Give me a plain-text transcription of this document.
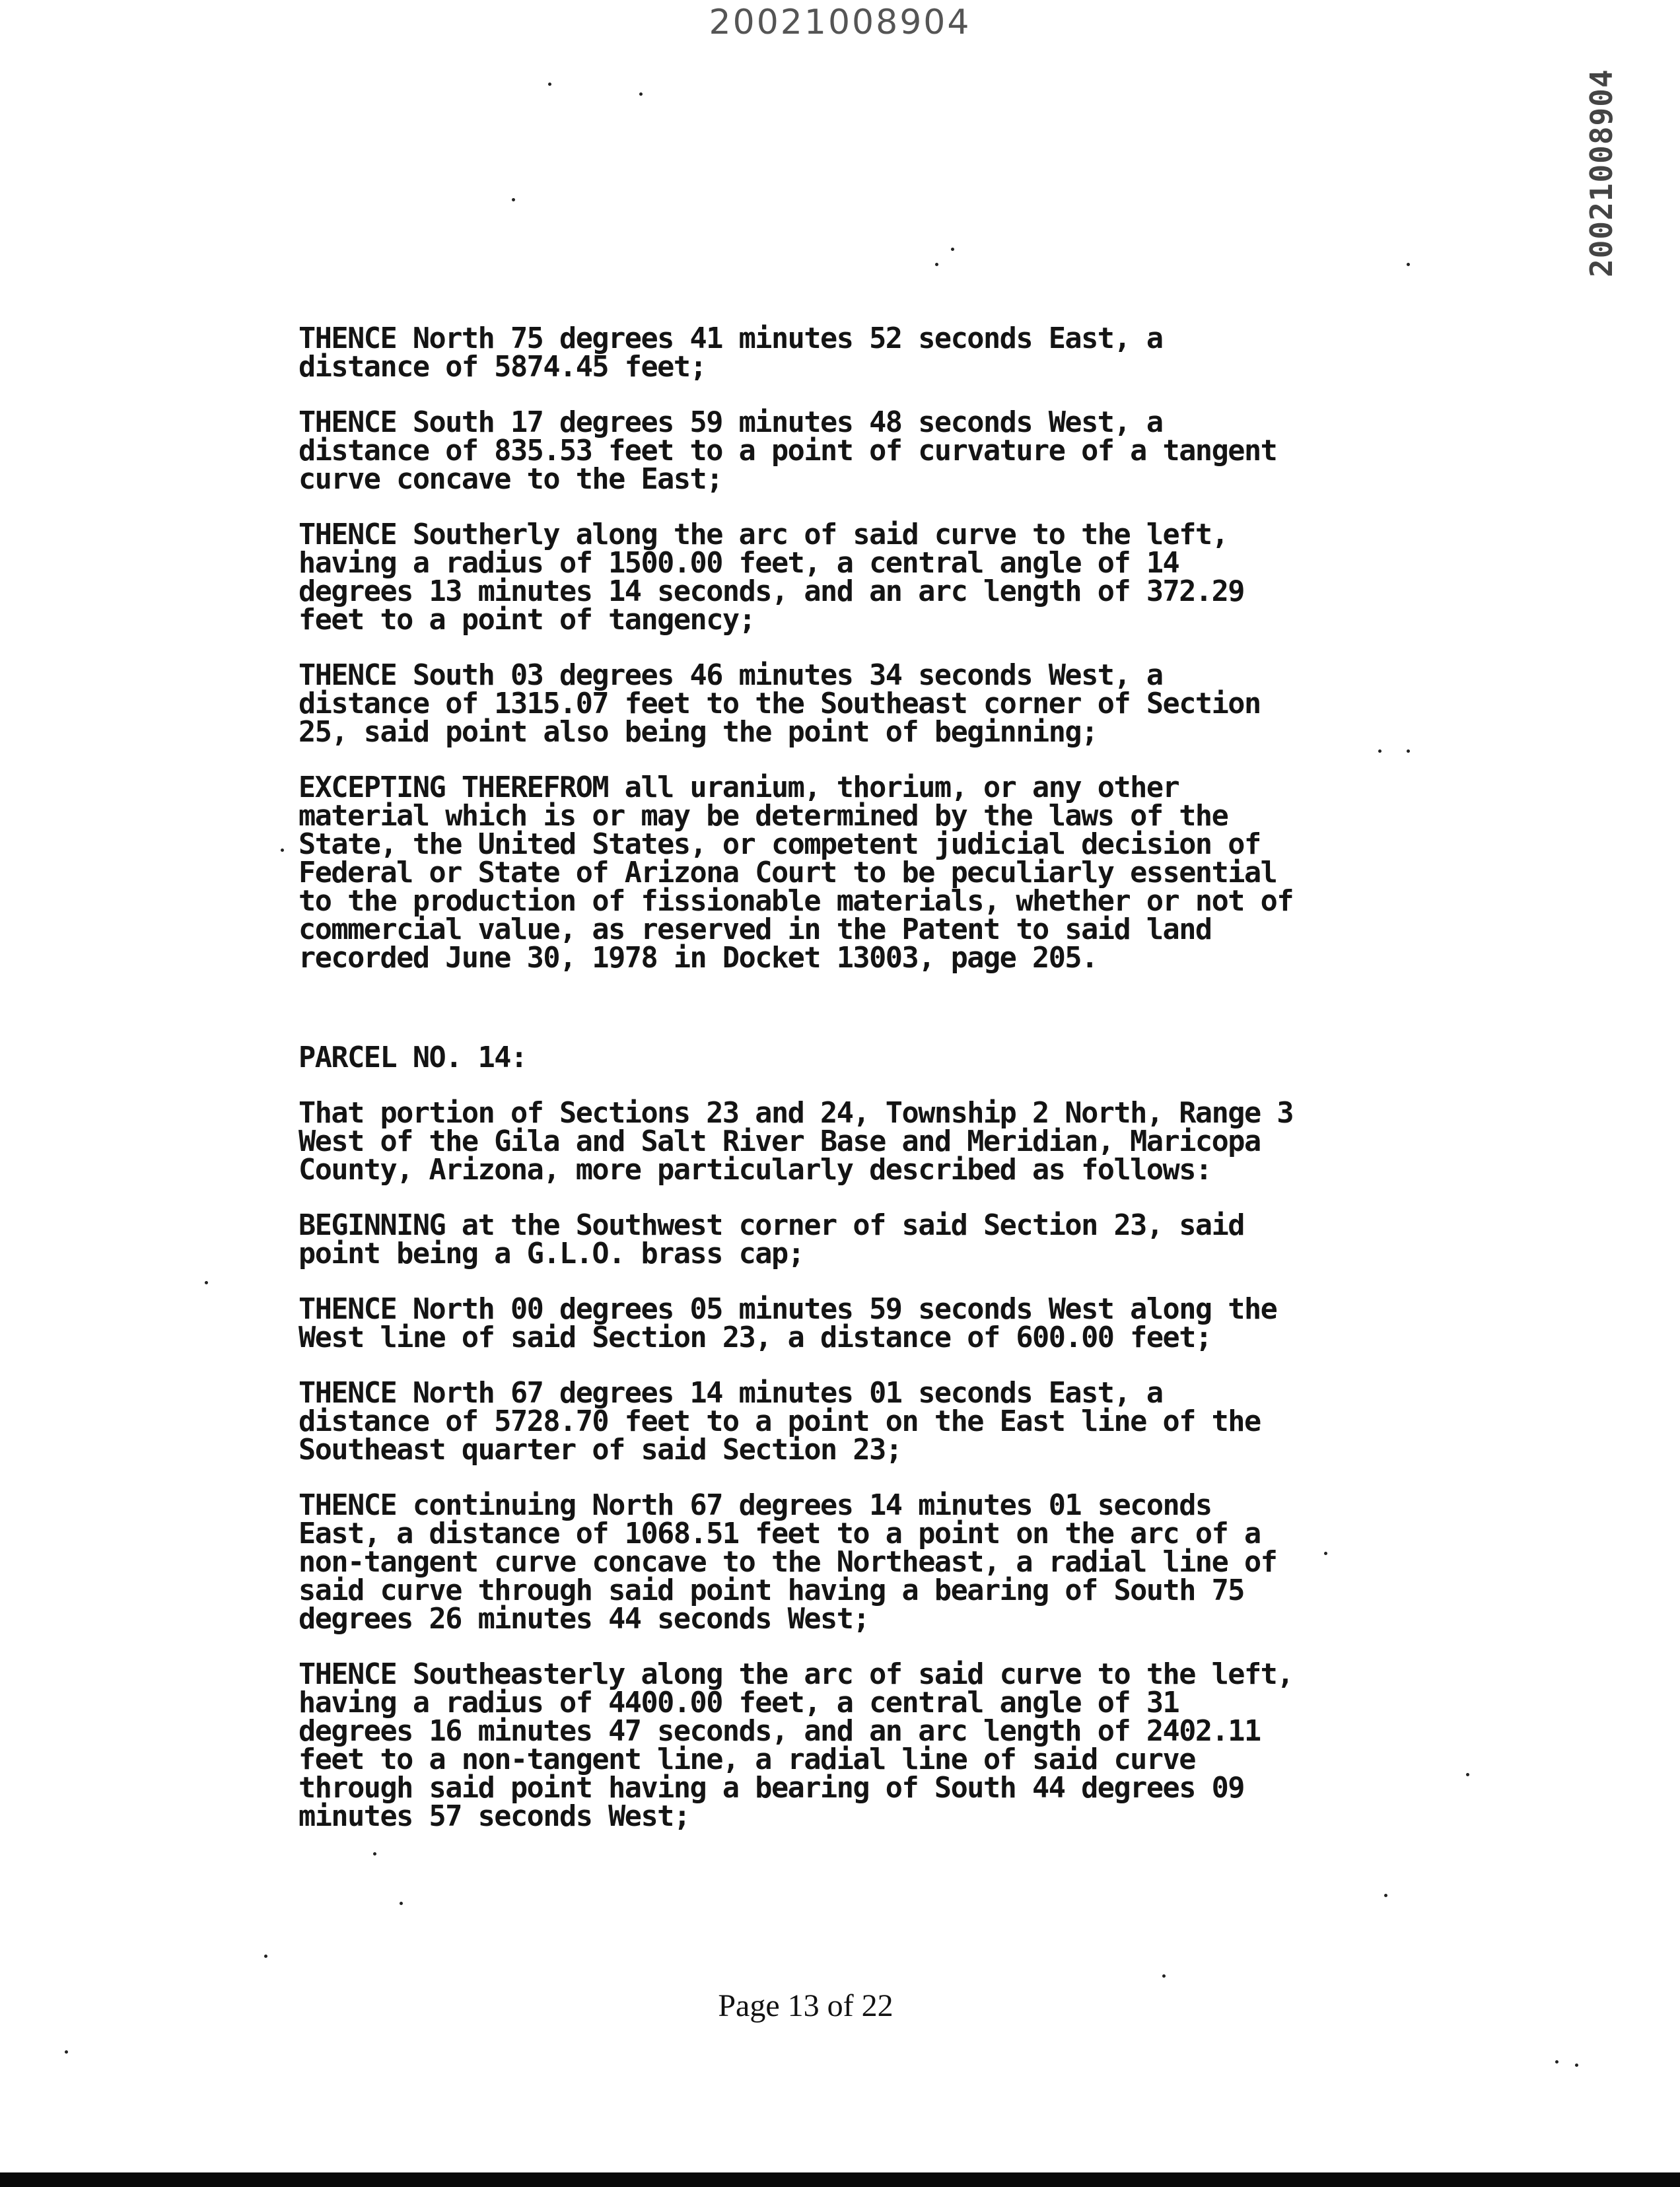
20021008904
20021008904

THENCE North 75 degrees 41 minutes 52 seconds East, a
distance of 5874.45 feet;

THENCE South 17 degrees 59 minutes 48 seconds West, a
distance of 835.53 feet to a point of curvature of a tangent
curve concave to the East;

THENCE Southerly along the arc of said curve to the left,
having a radius of 1500.00 feet, a central angle of 14
degrees 13 minutes 14 seconds, and an arc length of 372.29
feet to a point of tangency;

THENCE South 03 degrees 46 minutes 34 seconds West, a
distance of 1315.07 feet to the Southeast corner of Section
25, said point also being the point of beginning;

EXCEPTING THEREFROM all uranium, thorium, or any other
material which is or may be determined by the laws of the
State, the United States, or competent judicial decision of
Federal or State of Arizona Court to be peculiarly essential
to the production of fissionable materials, whether or not of
commercial value, as reserved in the Patent to said land
recorded June 30, 1978 in Docket 13003, page 205.

PARCEL NO. 14:

That portion of Sections 23 and 24, Township 2 North, Range 3
West of the Gila and Salt River Base and Meridian, Maricopa
County, Arizona, more particularly described as follows:

BEGINNING at the Southwest corner of said Section 23, said
point being a G.L.O. brass cap;

THENCE North 00 degrees 05 minutes 59 seconds West along the
West line of said Section 23, a distance of 600.00 feet;

THENCE North 67 degrees 14 minutes 01 seconds East, a
distance of 5728.70 feet to a point on the East line of the
Southeast quarter of said Section 23;

THENCE continuing North 67 degrees 14 minutes 01 seconds
East, a distance of 1068.51 feet to a point on the arc of a
non-tangent curve concave to the Northeast, a radial line of
said curve through said point having a bearing of South 75
degrees 26 minutes 44 seconds West;

THENCE Southeasterly along the arc of said curve to the left,
having a radius of 4400.00 feet, a central angle of 31
degrees 16 minutes 47 seconds, and an arc length of 2402.11
feet to a non-tangent line, a radial line of said curve
through said point having a bearing of South 44 degrees 09
minutes 57 seconds West;

Page 13 of 22
